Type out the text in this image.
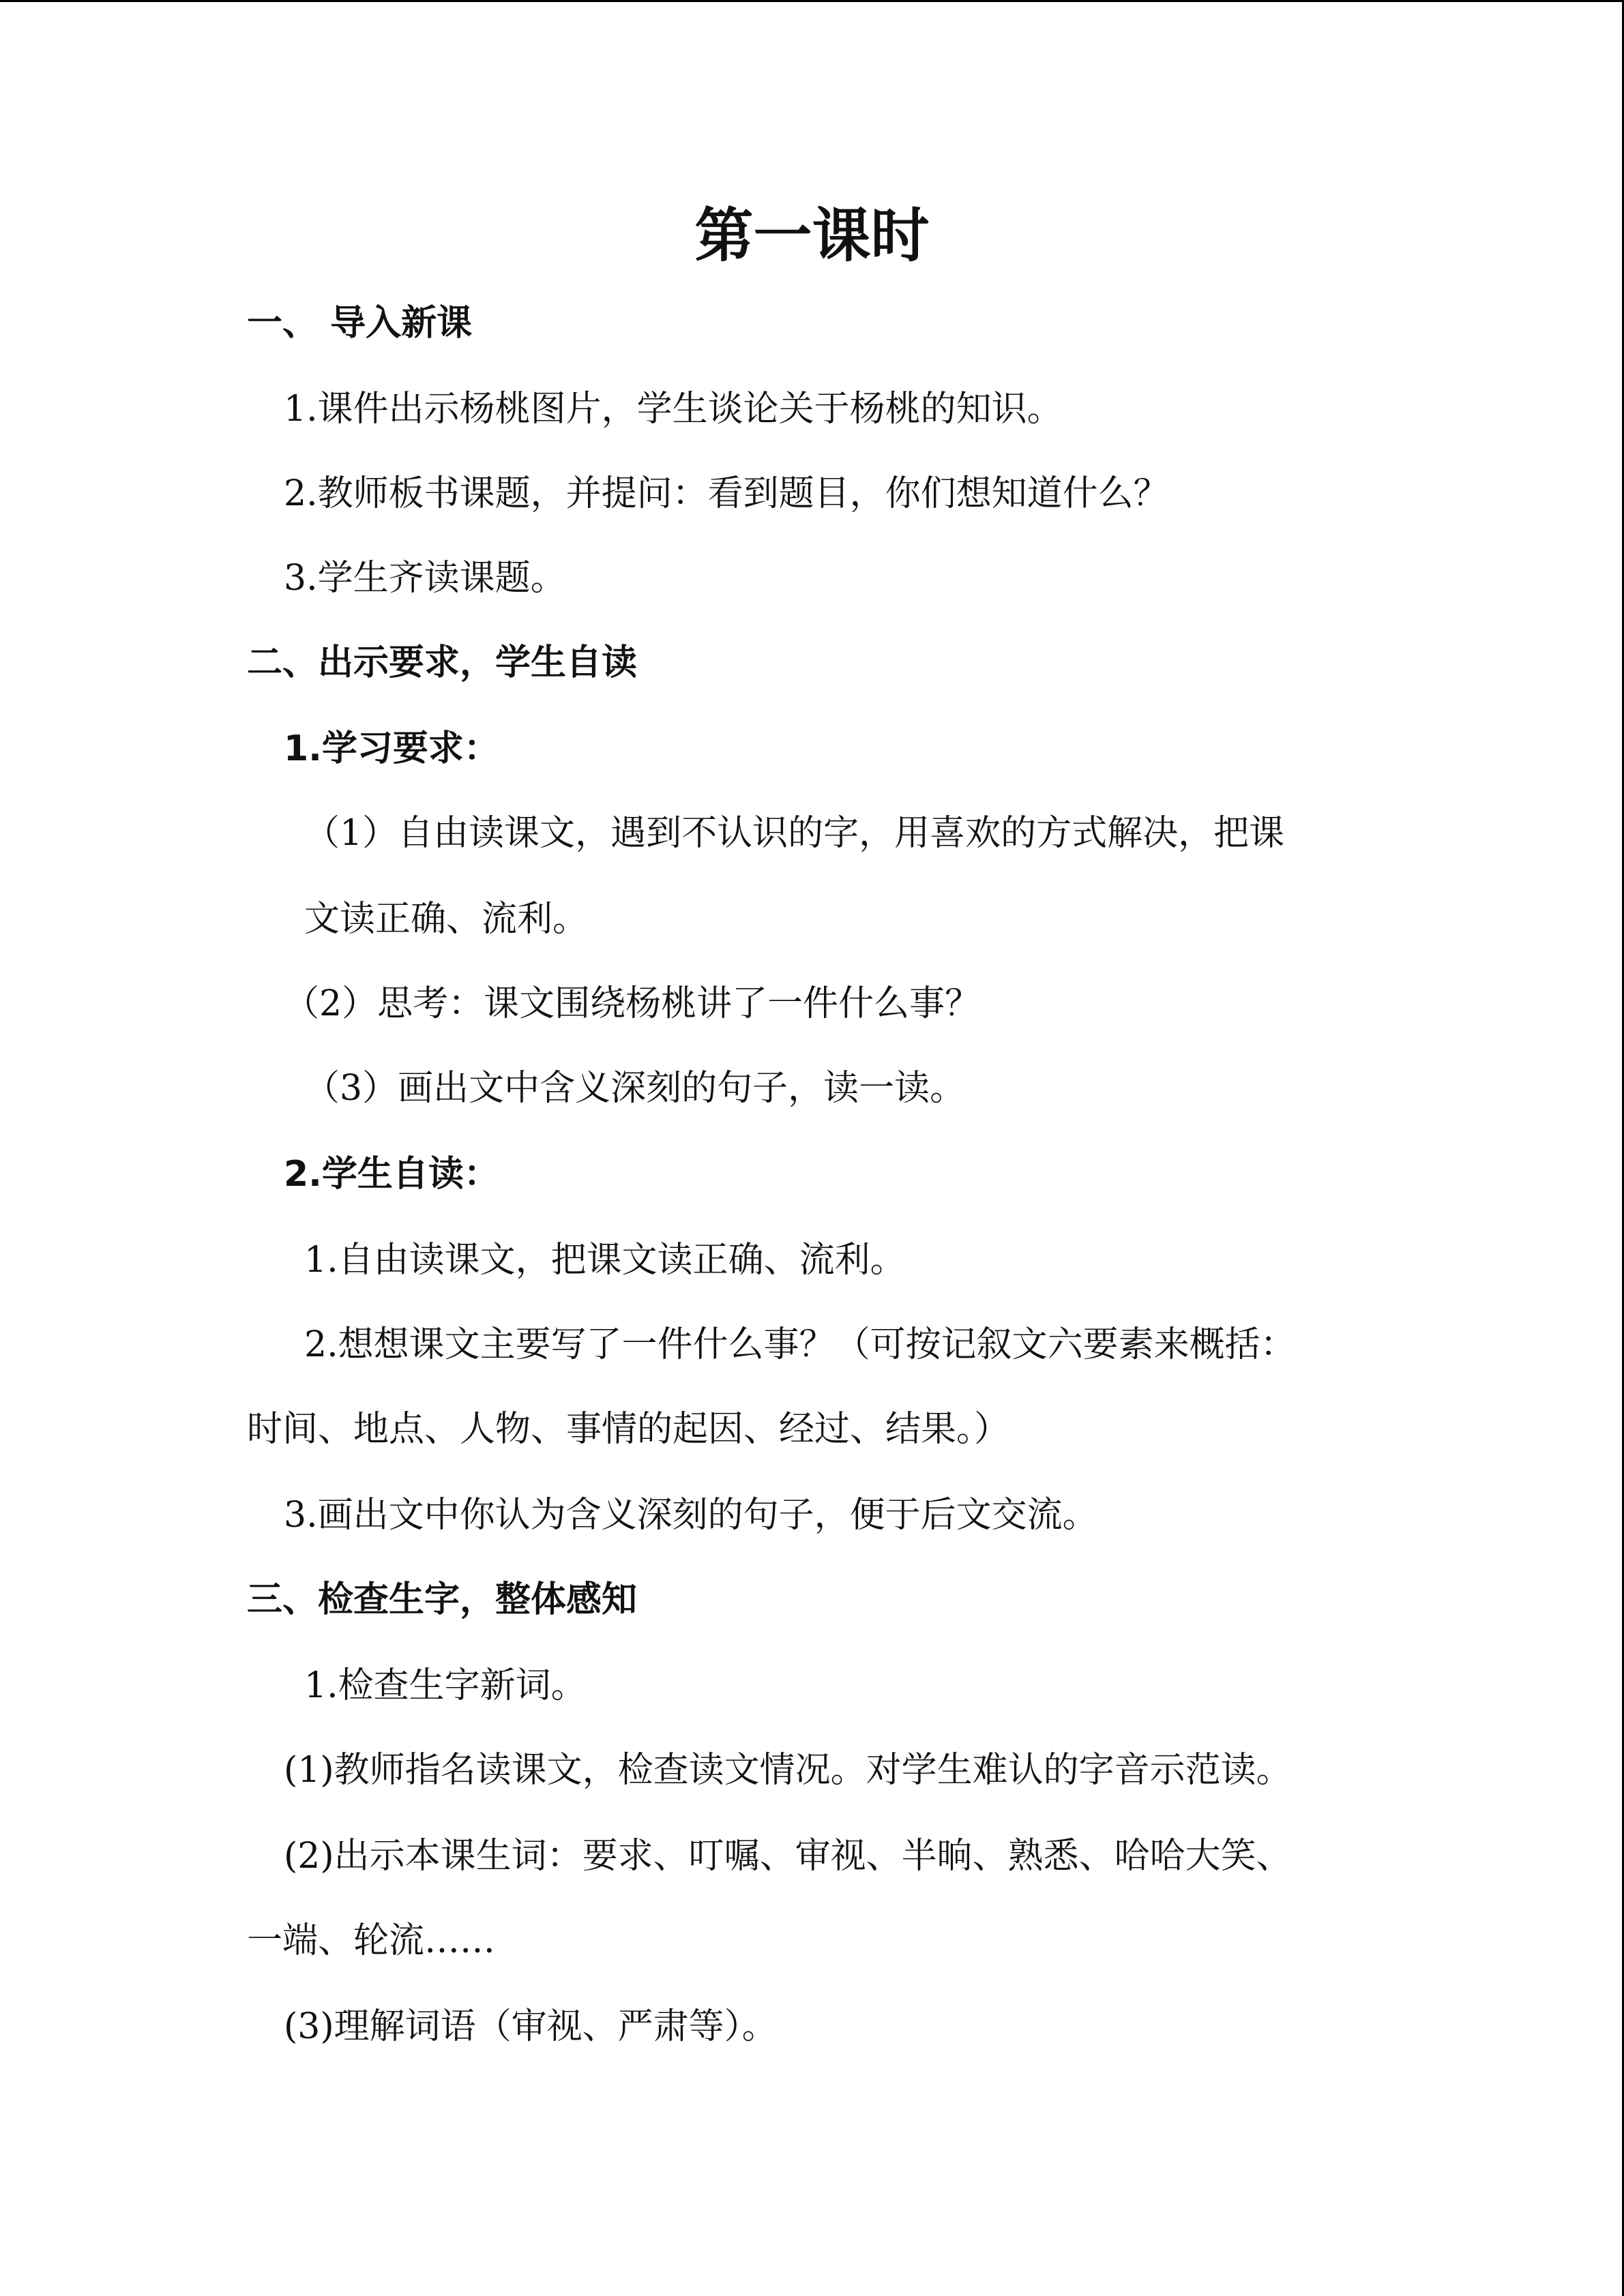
第一课时

一、 导入新课

1.课件出示杨桃图片，学生谈论关于杨桃的知识。

2.教师板书课题，并提问：看到题目，你们想知道什么？

3.学生齐读课题。

二、出示要求，学生自读

1.学习要求：

（1）自由读课文，遇到不认识的字，用喜欢的方式解决，把课

文读正确、流利。

（2）思考：课文围绕杨桃讲了一件什么事？

（3）画出文中含义深刻的句子，读一读。

2.学生自读：

1.自由读课文，把课文读正确、流利。

2.想想课文主要写了一件什么事？（可按记叙文六要素来概括：

时间、地点、人物、事情的起因、经过、结果。）

3.画出文中你认为含义深刻的句子，便于后文交流。

三、检查生字，整体感知

1.检查生字新词。

(1)教师指名读课文，检查读文情况。对学生难认的字音示范读。

(2)出示本课生词：要求、叮嘱、审视、半晌、熟悉、哈哈大笑、

一端、轮流……

(3)理解词语（审视、严肃等）。
